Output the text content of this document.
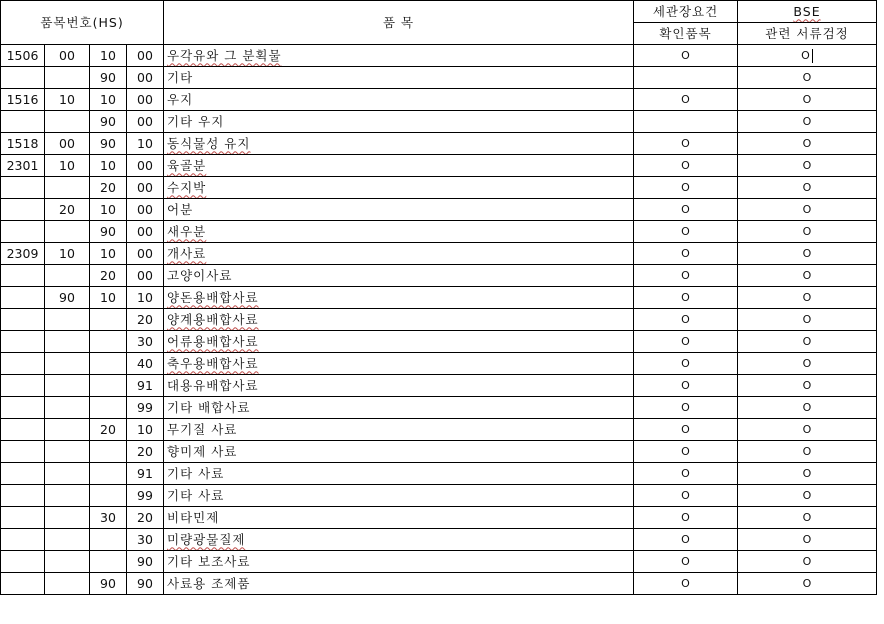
품목번호(HS)				품 목	세관장요건	BSE
					확인품목	관련 서류검정
1506	00	10	00	우각유와 그 분획물	O	O
		90	00	기타		O
1516	10	10	00	우지	O	O
		90	00	기타 우지		O
1518	00	90	10	동식물성 유지	O	O
2301	10	10	00	육골분	O	O
		20	00	수지박	O	O
	20	10	00	어분	O	O
		90	00	새우분	O	O
2309	10	10	00	개사료	O	O
		20	00	고양이사료	O	O
	90	10	10	양돈용배합사료	O	O
			20	양계용배합사료	O	O
			30	어류용배합사료	O	O
			40	축우용배합사료	O	O
			91	대용유배합사료	O	O
			99	기타 배합사료	O	O
		20	10	무기질 사료	O	O
			20	향미제 사료	O	O
			91	기타 사료	O	O
			99	기타 사료	O	O
		30	20	비타민제	O	O
			30	미량광물질제	O	O
			90	기타 보조사료	O	O
		90	90	사료용 조제품	O	O
